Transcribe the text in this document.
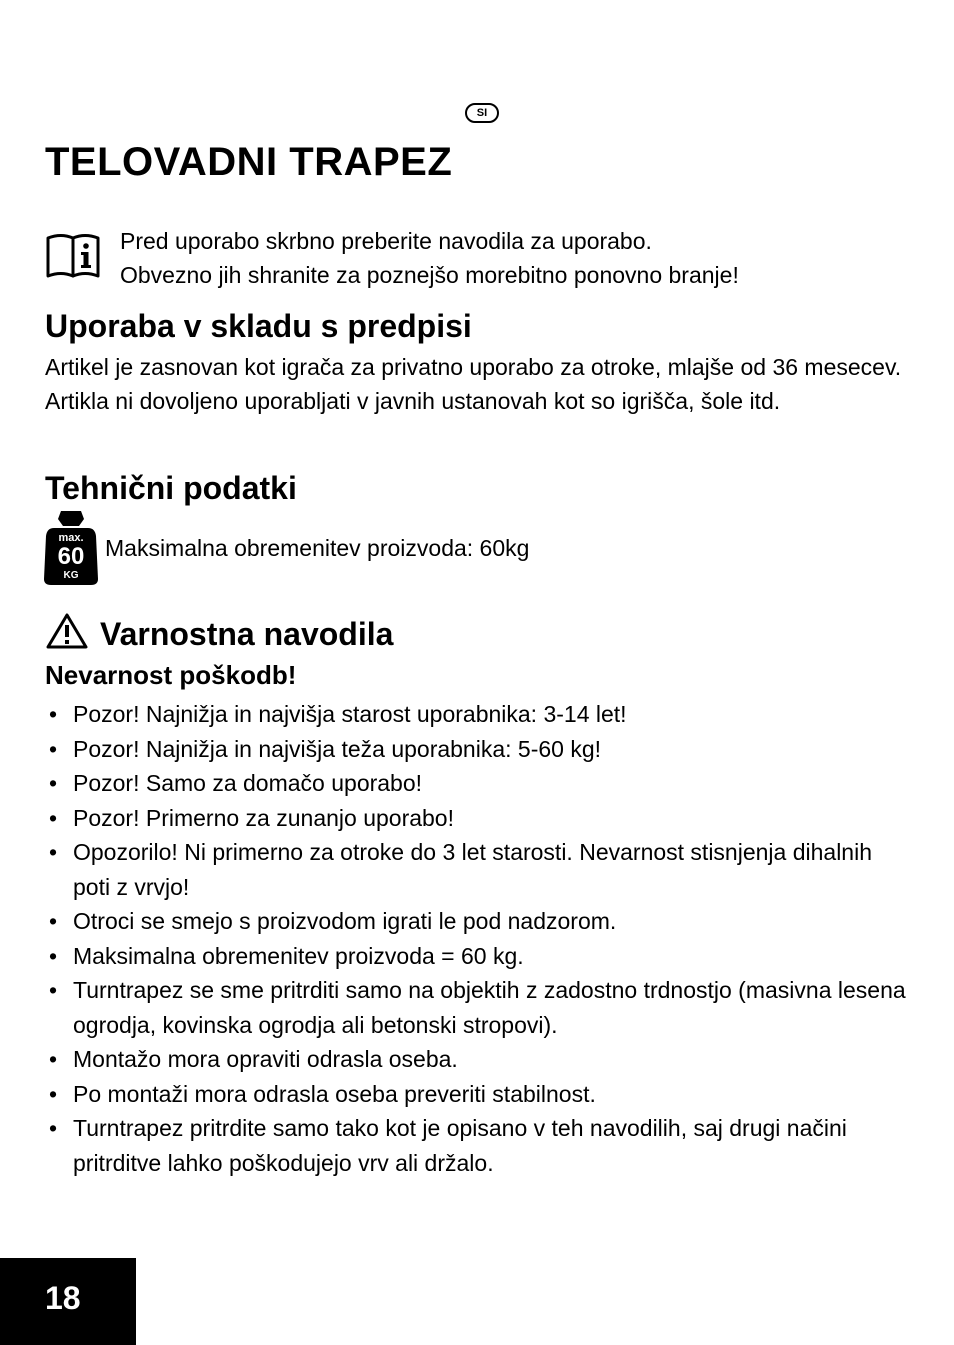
SI
TELOVADNI TRAPEZ
Pred uporabo skrbno preberite navodila za uporabo.
Obvezno jih shranite za poznejšo morebitno ponovno branje!
Uporaba v skladu s predpisi

Artikel je zasnovan kot igrača za privatno uporabo za otroke, mlajše od 36 mesecev. Artikla ni dovoljeno uporabljati v javnih ustanovah kot so igrišča, šole itd.

Tehnični podatki
max.
60
KG

Maksimalna obremenitev proizvoda: 60kg

Varnostna navodila
Nevarnost poškodb!
• Pozor! Najnižja in najvišja starost uporabnika: 3-14 let!
• Pozor! Najnižja in najvišja teža uporabnika: 5-60 kg!
• Pozor! Samo za domačo uporabo!
• Pozor! Primerno za zunanjo uporabo!
• Opozorilo! Ni primerno za otroke do 3 let starosti. Nevarnost stisnjenja dihalnih poti z vrvjo!
• Otroci se smejo s proizvodom igrati le pod nadzorom.
• Maksimalna obremenitev proizvoda = 60 kg.
• Turntrapez se sme pritrditi samo na objektih z zadostno trdnostjo (masivna lesena ogrodja, kovinska ogrodja ali betonski stropovi).
• Montažo mora opraviti odrasla oseba.
• Po montaži mora odrasla oseba preveriti stabilnost.
• Turntrapez pritrdite samo tako kot je opisano v teh navodilih, saj drugi načini pritrditve lahko poškodujejo vrv ali držalo.
18
